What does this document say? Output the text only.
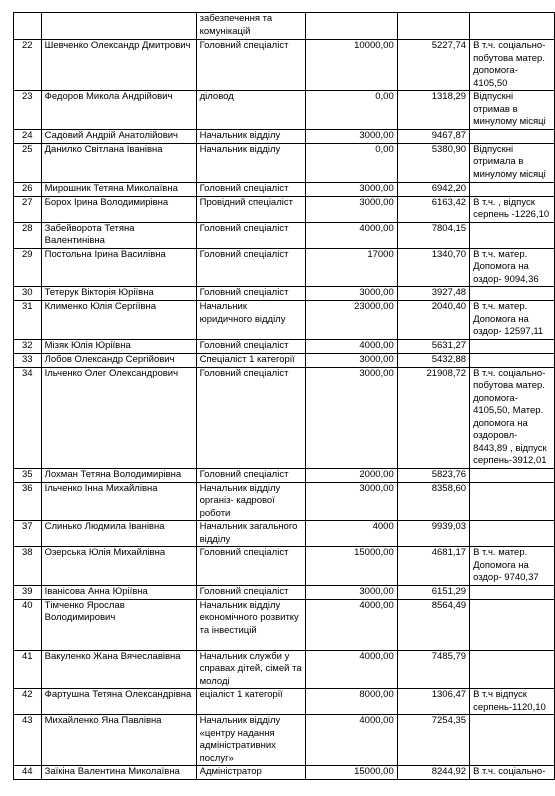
		забезпечення та комунікацій			
22	Шевченко Олександр Дмитрович	Головний спеціаліст	10000,00	5227,74	В т.ч. соціально-побутова матер. допомога- 4105,50
23	Федоров Микола Андрійович	діловод	0,00	1318,29	Відпускні отримав в минулому місяці
24	Садовий Андрій Анатолійович	Начальник відділу	3000,00	9467,87	
25	Данилко Світлана Іванівна	Начальник відділу	0,00	5380,90	Відпускні отримала в минулому місяці
26	Мирошник Тетяна Миколаївна	Головний спеціаліст	3000,00	6942,20	
27	Борох Ірина Володимирівна	Провідний спеціаліст	3000,00	6163,42	В т.ч. , відпуск серпень -1226,10
28	Забейворота Тетяна Валентинівна	Головний спеціаліст	4000,00	7804,15	
29	Постольна Ірина Василівна	Головний спеціаліст	17000	1340,70	В т.ч. матер. Допомога на оздор- 9094,36
30	Тетерук Вікторія Юріївна	Головний спеціаліст	3000,00	3927,48	
31	Клименко Юлія Сергіївна	Начальник юридичного відділу	23000,00	2040,40	В т.ч. матер. Допомога на оздор- 12597,11
32	Мізяк Юлія Юріївна	Головний спеціаліст	4000,00	5631,27	
33	Лобов Олександр Сергійович	Спеціаліст 1 категорії	3000,00	5432,88	
34	Ільченко Олег Олександрович	Головний спеціаліст	3000,00	21908,72	В т.ч. соціально-побутова матер. допомога- 4105,50, Матер. допомога на оздоровл- 8443,89 , відпуск серпень-3912,01
35	Лохман Тетяна Володимирівна	Головний спеціаліст	2000,00	5823,76	
36	Ільченко Інна Михайлівна	Начальник відділу організ- кадрової роботи	3000,00	8358,60	
37	Слинько Людмила Іванівна	Начальник загального відділу	4000	9939,03	
38	Озерська Юлія Михайлівна	Головний спеціаліст	15000,00	4681,17	В т.ч. матер. Допомога на оздор- 9740,37
39	Іванісова Анна Юріївна	Головний спеціаліст	3000,00	6151,29	
40	Тімченко Ярослав Володимирович	Начальник відділу економічного розвитку та інвестицій	4000,00	8564,49	
41	Вакуленко Жана Вячеславівна	Начальник служби у справах дітей, сімей та молоді	4000,00	7485,79	
42	Фартушна Тетяна Олександрівна	еціаліст 1 категорії	8000,00	1306,47	В т.ч відпуск серпень-1120,10
43	Михайленко Яна Павлівна	Начальник відділу «центру надання адміністративних послуг»	4000,00	7254,35	
44	Заїкіна Валентина Миколаївна	Адміністратор	15000,00	8244,92	В т.ч. соціально-
